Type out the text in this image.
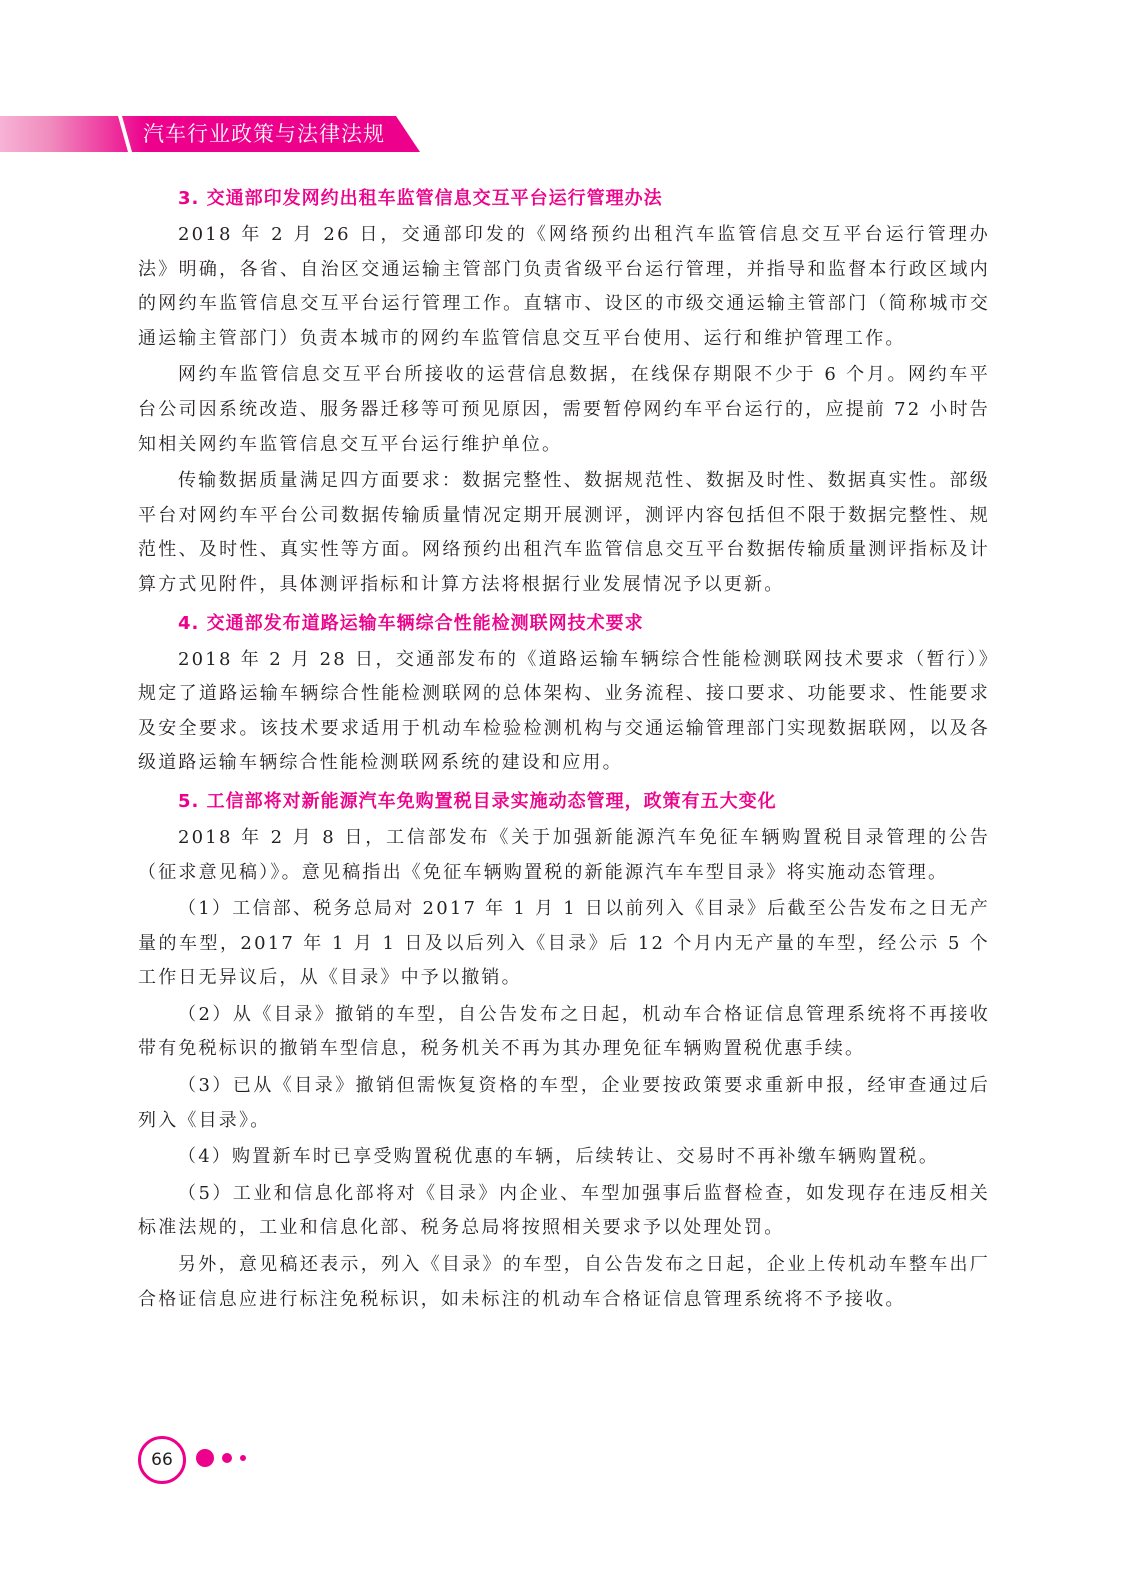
汽车行业政策与法律法规
3. 交通部印发网约出租车监管信息交互平台运行管理办法

2018 年 2 月 26 日，交通部印发的《网络预约出租汽车监管信息交互平台运行管理办法》明确，各省、自治区交通运输主管部门负责省级平台运行管理，并指导和监督本行政区域内的网约车监管信息交互平台运行管理工作。直辖市、设区的市级交通运输主管部门（简称城市交通运输主管部门）负责本城市的网约车监管信息交互平台使用、运行和维护管理工作。

网约车监管信息交互平台所接收的运营信息数据，在线保存期限不少于 6 个月。网约车平台公司因系统改造、服务器迁移等可预见原因，需要暂停网约车平台运行的，应提前 72 小时告知相关网约车监管信息交互平台运行维护单位。

传输数据质量满足四方面要求：数据完整性、数据规范性、数据及时性、数据真实性。部级平台对网约车平台公司数据传输质量情况定期开展测评，测评内容包括但不限于数据完整性、规范性、及时性、真实性等方面。网络预约出租汽车监管信息交互平台数据传输质量测评指标及计算方式见附件，具体测评指标和计算方法将根据行业发展情况予以更新。

4. 交通部发布道路运输车辆综合性能检测联网技术要求

2018 年 2 月 28 日，交通部发布的《道路运输车辆综合性能检测联网技术要求（暂行）》规定了道路运输车辆综合性能检测联网的总体架构、业务流程、接口要求、功能要求、性能要求及安全要求。该技术要求适用于机动车检验检测机构与交通运输管理部门实现数据联网，以及各级道路运输车辆综合性能检测联网系统的建设和应用。

5. 工信部将对新能源汽车免购置税目录实施动态管理，政策有五大变化

2018 年 2 月 8 日，工信部发布《关于加强新能源汽车免征车辆购置税目录管理的公告（征求意见稿）》。意见稿指出《免征车辆购置税的新能源汽车车型目录》将实施动态管理。

（1）工信部、税务总局对 2017 年 1 月 1 日以前列入《目录》后截至公告发布之日无产量的车型，2017 年 1 月 1 日及以后列入《目录》后 12 个月内无产量的车型，经公示 5 个工作日无异议后，从《目录》中予以撤销。

（2）从《目录》撤销的车型，自公告发布之日起，机动车合格证信息管理系统将不再接收带有免税标识的撤销车型信息，税务机关不再为其办理免征车辆购置税优惠手续。

（3）已从《目录》撤销但需恢复资格的车型，企业要按政策要求重新申报，经审查通过后列入《目录》。

（4）购置新车时已享受购置税优惠的车辆，后续转让、交易时不再补缴车辆购置税。

（5）工业和信息化部将对《目录》内企业、车型加强事后监督检查，如发现存在违反相关标准法规的，工业和信息化部、税务总局将按照相关要求予以处理处罚。

另外，意见稿还表示，列入《目录》的车型，自公告发布之日起，企业上传机动车整车出厂合格证信息应进行标注免税标识，如未标注的机动车合格证信息管理系统将不予接收。

66
